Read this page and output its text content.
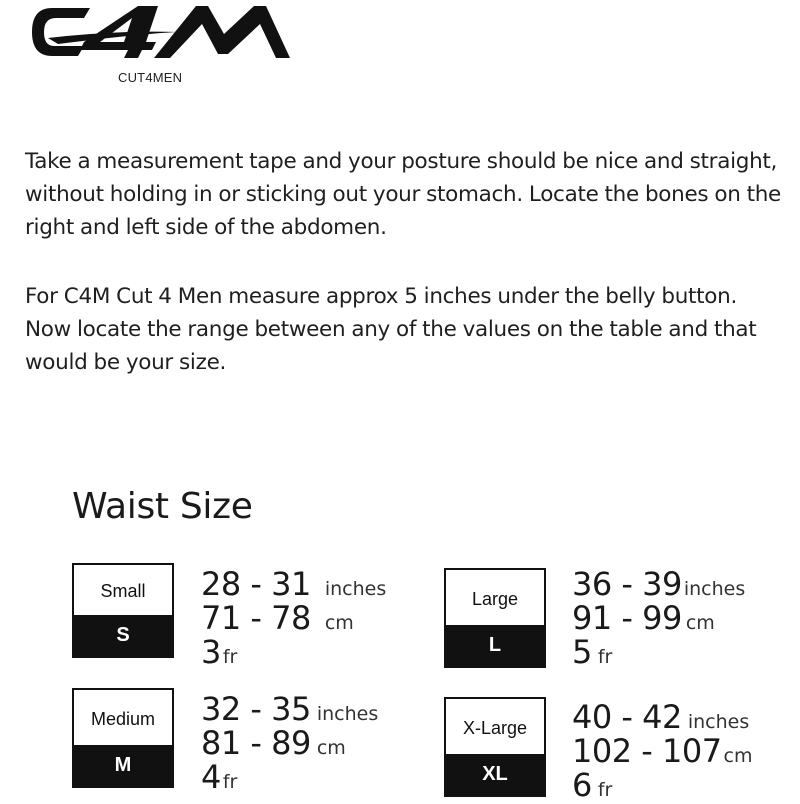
CUT4MEN

Take a measurement tape and your posture should be nice and straight, without holding in or sticking out your stomach. Locate the bones on the right and left side of the abdomen.

For C4M Cut 4 Men measure approx 5 inches under the belly button. Now locate the range between any of the values on the table and that would be your size.

Waist Size
Small
S
28 - 31 inches
71 - 78 cm
3 fr
Large
L
36 - 39 inches
91 - 99 cm
5 fr
Medium
M
32 - 35 inches
81 - 89 cm
4 fr
X-Large
XL
40 - 42 inches
102 - 107 cm
6 fr
